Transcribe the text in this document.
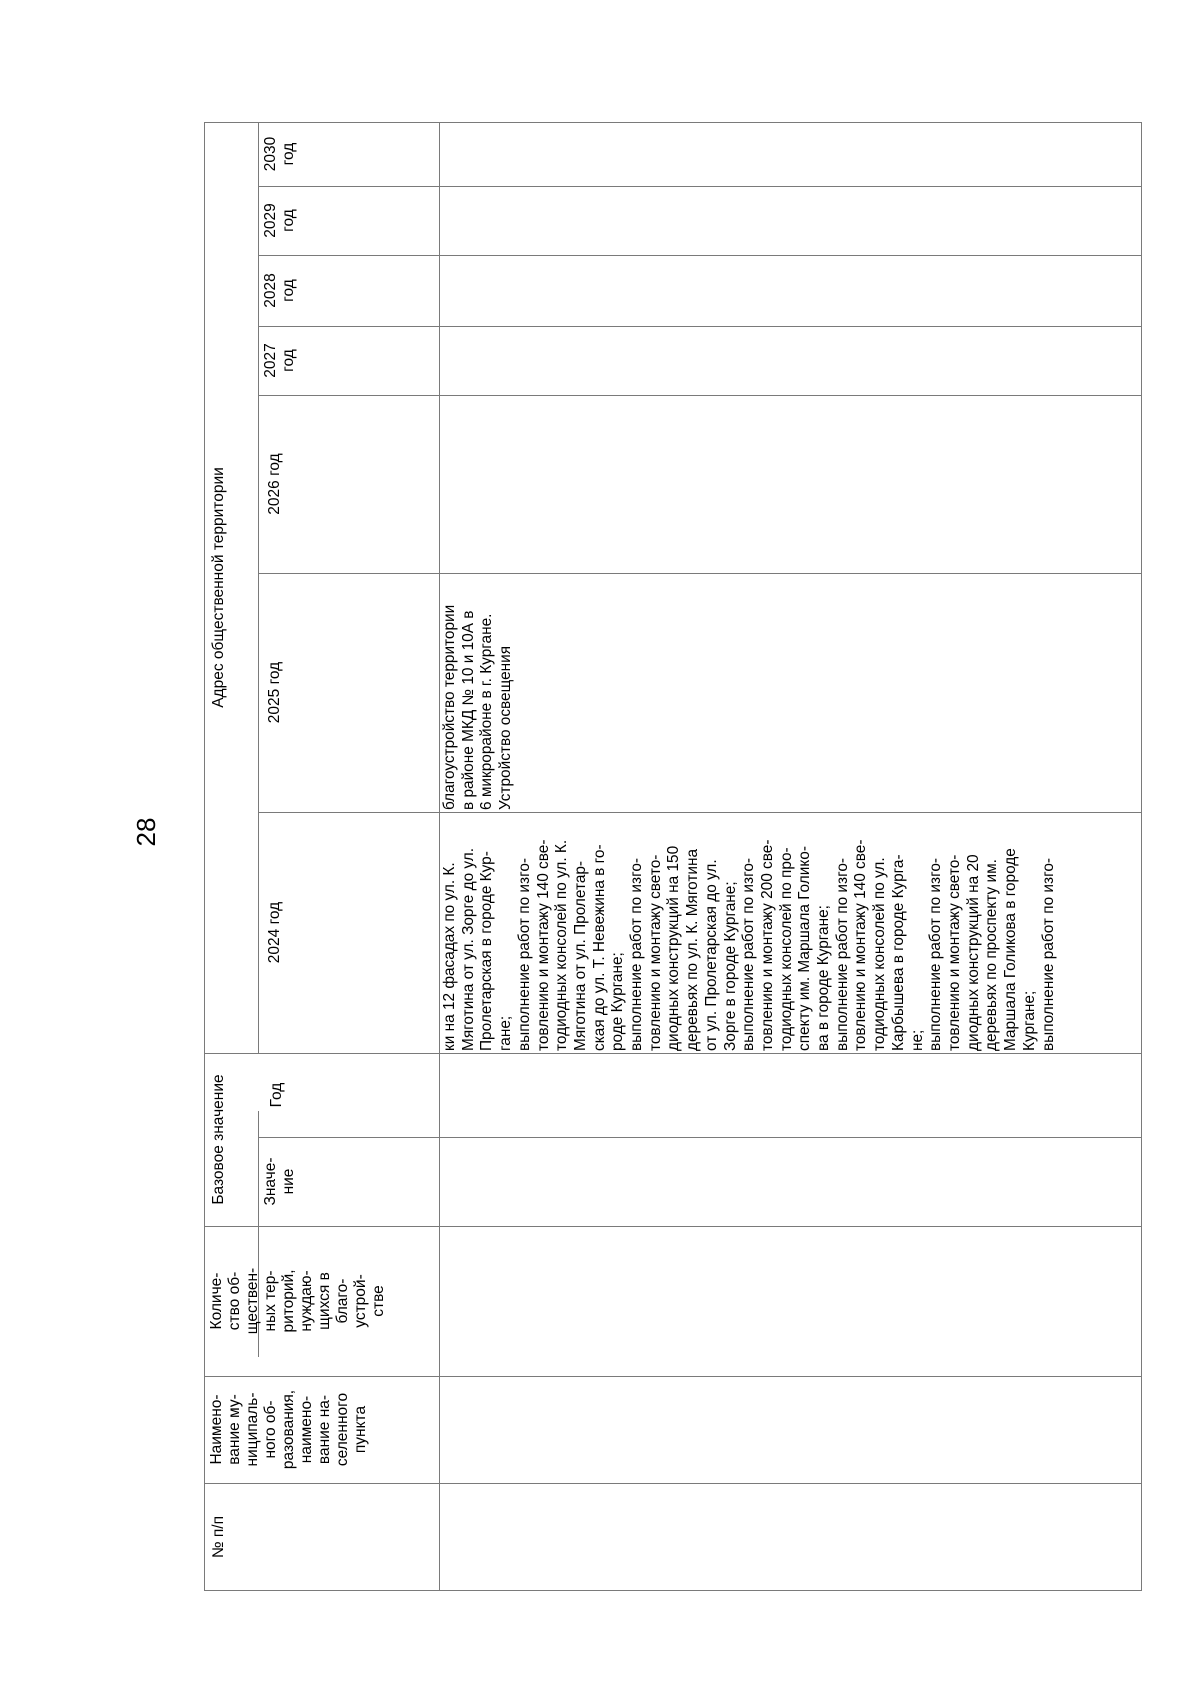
28
№ п/п
Наимено-
вание му-
ниципаль-
ного об-
разования,
наимено-
вание на-
селенного
пункта
Количе-
ство об-
ществен-
ных тер-
риторий,
нуждаю-
щихся в
благо-
устрой-
стве
Базовое значение	Значе-
ние
Год
Адрес общественной территории
2024 год
2025 год
2026 год
2027
год
2028
год
2029
год
2030
год
ки на 12 фасадах по ул. К.
Мяготина от ул. Зорге до ул.
Пролетарская в городе Кур-
гане;
выполнение работ по изго-
товлению и монтажу 140 све-
тодиодных консолей по ул. К.
Мяготина от ул. Пролетар-
ская до ул. Т. Невежина в го-
роде Кургане;
выполнение работ по изго-
товлению и монтажу свето-
диодных конструкций на 150
деревьях по ул. К. Мяготина
от ул. Пролетарская до ул.
Зорге в городе Кургане;
выполнение работ по изго-
товлению и монтажу 200 све-
тодиодных консолей по про-
спекту им. Маршала Голико-
ва в городе Кургане;
выполнение работ по изго-
товлению и монтажу 140 све-
тодиодных консолей по ул.
Карбышева в городе Курга-
не;
выполнение работ по изго-
товлению и монтажу свето-
диодных конструкций на 20
деревьях по проспекту им.
Маршала Голикова в городе
Кургане;
выполнение работ по изго-
благоустройство территории
в районе МКД № 10 и 10А в
6 микрорайоне в г. Кургане.
Устройство освещения
